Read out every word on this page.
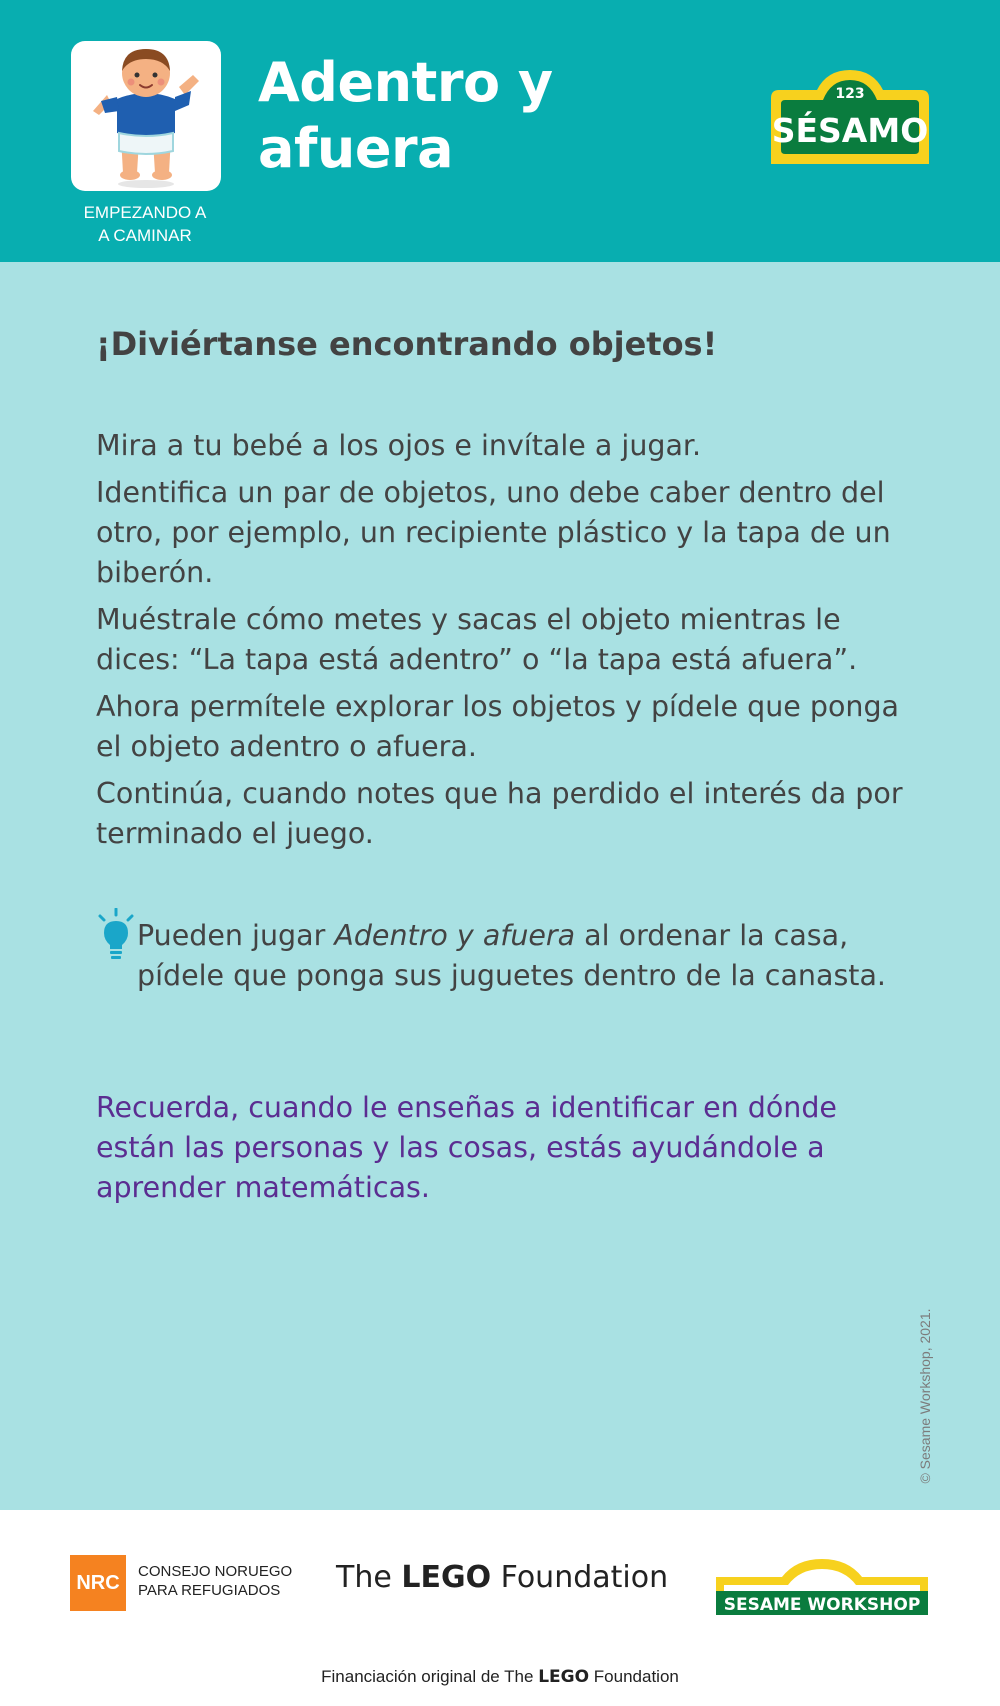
EMPEZANDO A
A CAMINAR
Adentro y
afuera
123
SÉSAMO
¡Diviértanse encontrando objetos!

Mira a tu bebé a los ojos e invítale a jugar.

Identifica un par de objetos, uno debe caber dentro del otro, por ejemplo, un recipiente plástico y la tapa de un biberón.

Muéstrale cómo metes y sacas el objeto mientras le dices: “La tapa está adentro” o “la tapa está afuera”.

Ahora permítele explorar los objetos y pídele que ponga el objeto adentro o afuera.

Continúa, cuando notes que ha perdido el interés da por terminado el juego.

Pueden jugar Adentro y afuera al ordenar la casa, pídele que ponga sus juguetes dentro de la canasta.

Recuerda, cuando le enseñas a identificar en dónde están las personas y las cosas, estás ayudándole a aprender matemáticas.

© Sesame Workshop, 2021.
NRC
CONSEJO NORUEGO
PARA REFUGIADOS	The LEGO Foundation
SESAME WORKSHOP
Financiación original de The LEGO Foundation
